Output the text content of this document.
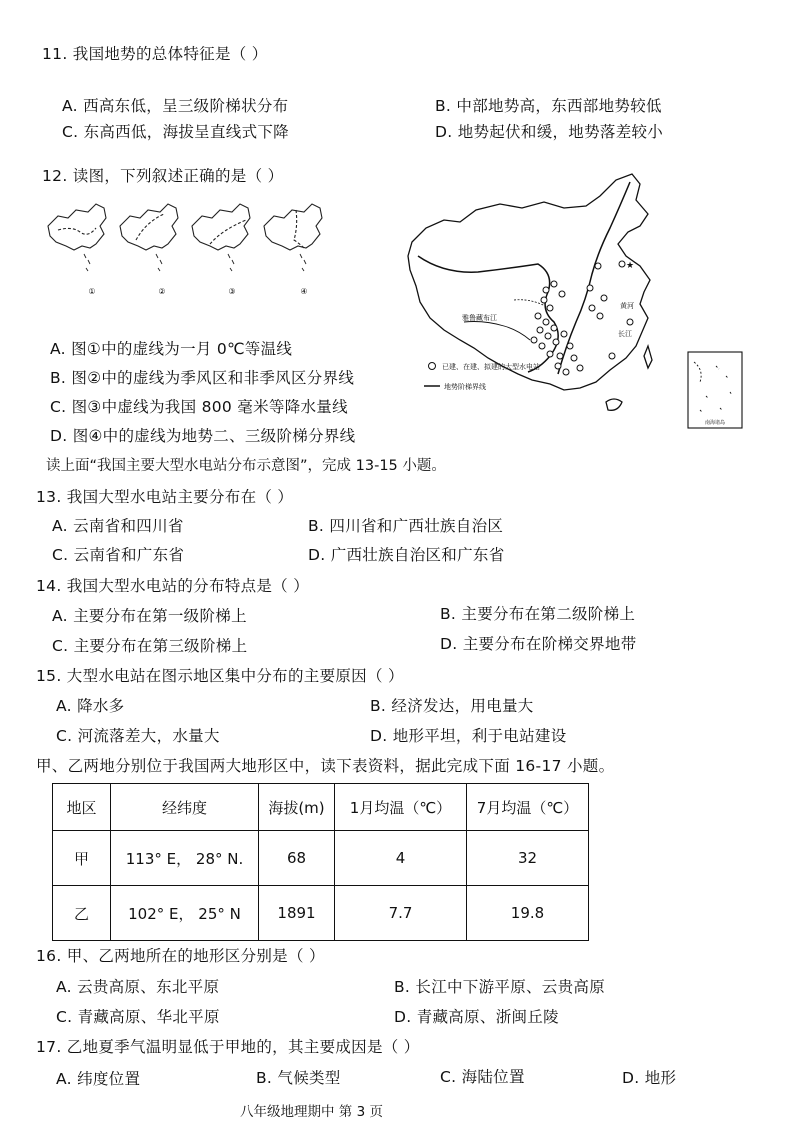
11. 我国地势的总体特征是（ ）
A. 西高东低，呈三级阶梯状分布	B. 中部地势高，东西部地势较低
C. 东高西低，海拔呈直线式下降	D. 地势起伏和缓，地势落差较小
12. 读图，下列叙述正确的是（ ）
①	②	③	④
★
雅鲁藏布江
黄河
长江
已建、在建、拟建的大型水电站
地势阶梯界线
南海诸岛
A. 图①中的虚线为一月 0℃等温线
B. 图②中的虚线为季风区和非季风区分界线
C. 图③中虚线为我国 800 毫米等降水量线
D. 图④中的虚线为地势二、三级阶梯分界线
读上面“我国主要大型水电站分布示意图”，完成 13-15 小题。
13. 我国大型水电站主要分布在（ ）
A. 云南省和四川省	B. 四川省和广西壮族自治区
C. 云南省和广东省	D. 广西壮族自治区和广东省
14. 我国大型水电站的分布特点是（ ）
A. 主要分布在第一级阶梯上	B. 主要分布在第二级阶梯上
C. 主要分布在第三级阶梯上	D. 主要分布在阶梯交界地带
15. 大型水电站在图示地区集中分布的主要原因（ ）
A. 降水多	B. 经济发达，用电量大
C. 河流落差大，水量大	D. 地形平坦，利于电站建设
甲、乙两地分别位于我国两大地形区中，读下表资料，据此完成下面 16-17 小题。
地区	经纬度	海拔(m)	1月均温（℃）	7月均温（℃）
甲	113° E， 28° N.	68	4	32
乙	102° E， 25° N	1891	7.7	19.8
16. 甲、乙两地所在的地形区分别是（ ）
A. 云贵高原、东北平原	B. 长江中下游平原、云贵高原
C. 青藏高原、华北平原	D. 青藏高原、浙闽丘陵
17. 乙地夏季气温明显低于甲地的，其主要成因是（ ）
A. 纬度位置	B. 气候类型	C. 海陆位置	D. 地形
八年级地理期中 第 3 页
